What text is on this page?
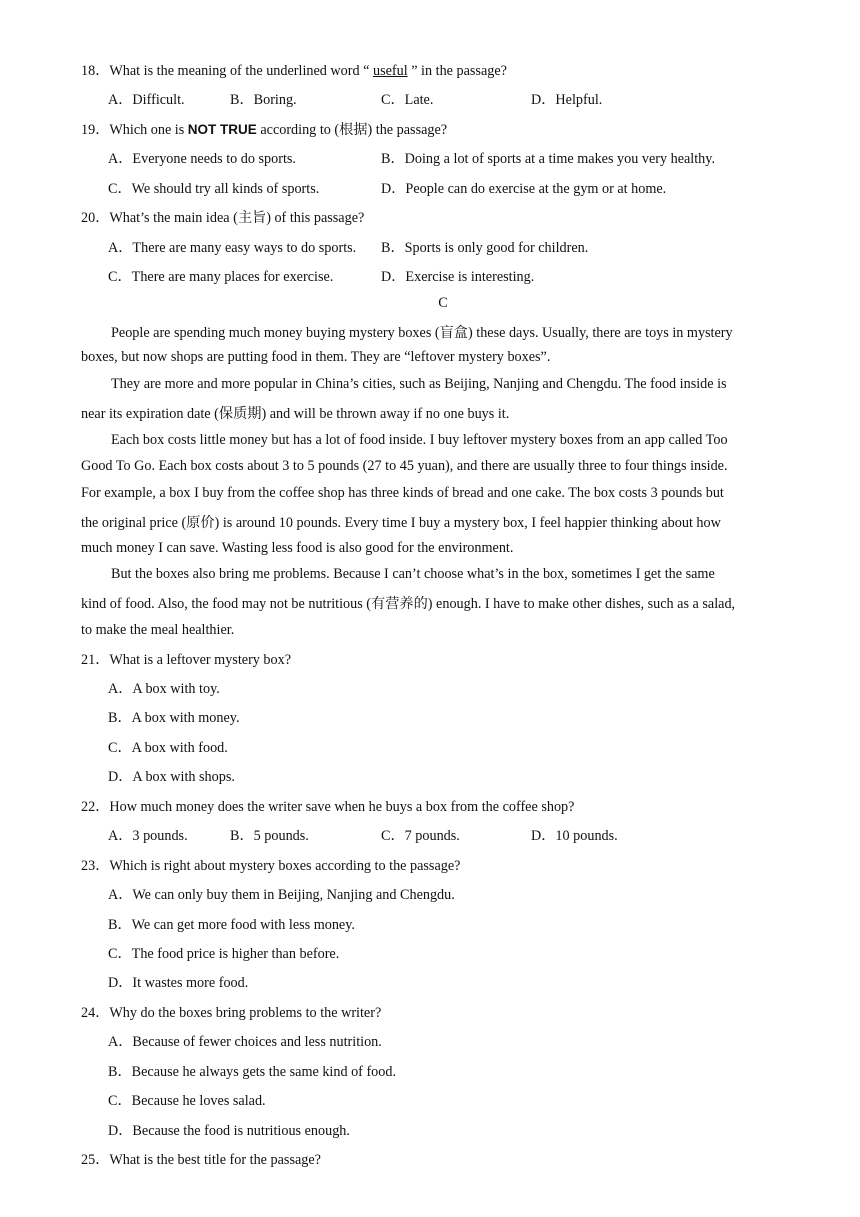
18．What is the meaning of the underlined word “ useful ” in the passage?
A．Difficult.	B．Boring.	C．Late.	D．Helpful.
19．Which one is NOT TRUE according to (根据) the passage?
A．Everyone needs to do sports.	B．Doing a lot of sports at a time makes you very healthy.
C．We should try all kinds of sports.	D．People can do exercise at the gym or at home.
20．What’s the main idea (主旨) of this passage?
A．There are many easy ways to do sports. B．Sports is only good for children.
C．There are many places for exercise.	D．Exercise is interesting.
C
People are spending much money buying mystery boxes (盲盒) these days. Usually, there are toys in mystery
boxes, but now shops are putting food in them. They are “leftover mystery boxes”.
They are more and more popular in China’s cities, such as Beijing, Nanjing and Chengdu. The food inside is
near its expiration date (保质期) and will be thrown away if no one buys it.
Each box costs little money but has a lot of food inside. I buy leftover mystery boxes from an app called Too
Good To Go. Each box costs about 3 to 5 pounds (27 to 45 yuan), and there are usually three to four things inside.
For example, a box I buy from the coffee shop has three kinds of bread and one cake. The box costs 3 pounds but
the original price (原价) is around 10 pounds. Every time I buy a mystery box, I feel happier thinking about how
much money I can save. Wasting less food is also good for the environment.
But the boxes also bring me problems. Because I can’t choose what’s in the box, sometimes I get the same
kind of food. Also, the food may not be nutritious (有营养的) enough. I have to make other dishes, such as a salad,
to make the meal healthier.
21．What is a leftover mystery box?
A．A box with toy.
B．A box with money.
C．A box with food.
D．A box with shops.
22．How much money does the writer save when he buys a box from the coffee shop?
A．3 pounds.	B．5 pounds.	C．7 pounds.	D．10 pounds.
23．Which is right about mystery boxes according to the passage?
A．We can only buy them in Beijing, Nanjing and Chengdu.
B．We can get more food with less money.
C．The food price is higher than before.
D．It wastes more food.
24．Why do the boxes bring problems to the writer?
A．Because of fewer choices and less nutrition.
B．Because he always gets the same kind of food.
C．Because he loves salad.
D．Because the food is nutritious enough.
25．What is the best title for the passage?
